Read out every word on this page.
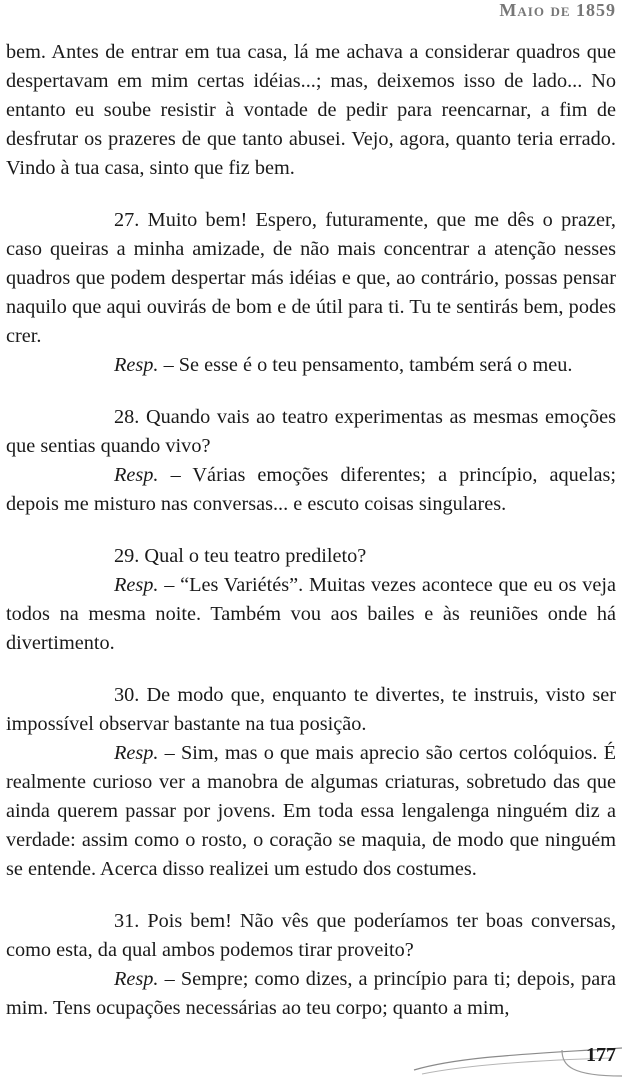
Maio de 1859

bem. Antes de entrar em tua casa, lá me achava a considerar quadros que despertavam em mim certas idéias...; mas, deixemos isso de lado... No entanto eu soube resistir à vontade de pedir para reencarnar, a fim de desfrutar os prazeres de que tanto abusei. Vejo, agora, quanto teria errado. Vindo à tua casa, sinto que fiz bem.

27. Muito bem! Espero, futuramente, que me dês o prazer, caso queiras a minha amizade, de não mais concentrar a atenção nesses quadros que podem despertar más idéias e que, ao contrário, possas pensar naquilo que aqui ouvirás de bom e de útil para ti. Tu te sentirás bem, podes crer.

Resp. – Se esse é o teu pensamento, também será o meu.

28. Quando vais ao teatro experimentas as mesmas emoções que sentias quando vivo?

Resp. – Várias emoções diferentes; a princípio, aquelas; depois me misturo nas conversas... e escuto coisas singulares.

29. Qual o teu teatro predileto?

Resp. – “Les Variétés”. Muitas vezes acontece que eu os veja todos na mesma noite. Também vou aos bailes e às reuniões onde há divertimento.

30. De modo que, enquanto te divertes, te instruis, visto ser impossível observar bastante na tua posição.

Resp. – Sim, mas o que mais aprecio são certos colóquios. É realmente curioso ver a manobra de algumas criaturas, sobretudo das que ainda querem passar por jovens. Em toda essa lengalenga ninguém diz a verdade: assim como o rosto, o coração se maquia, de modo que ninguém se entende. Acerca disso realizei um estudo dos costumes.

31. Pois bem! Não vês que poderíamos ter boas conversas, como esta, da qual ambos podemos tirar proveito?

Resp. – Sempre; como dizes, a princípio para ti; depois, para mim. Tens ocupações necessárias ao teu corpo; quanto a mim,

177
